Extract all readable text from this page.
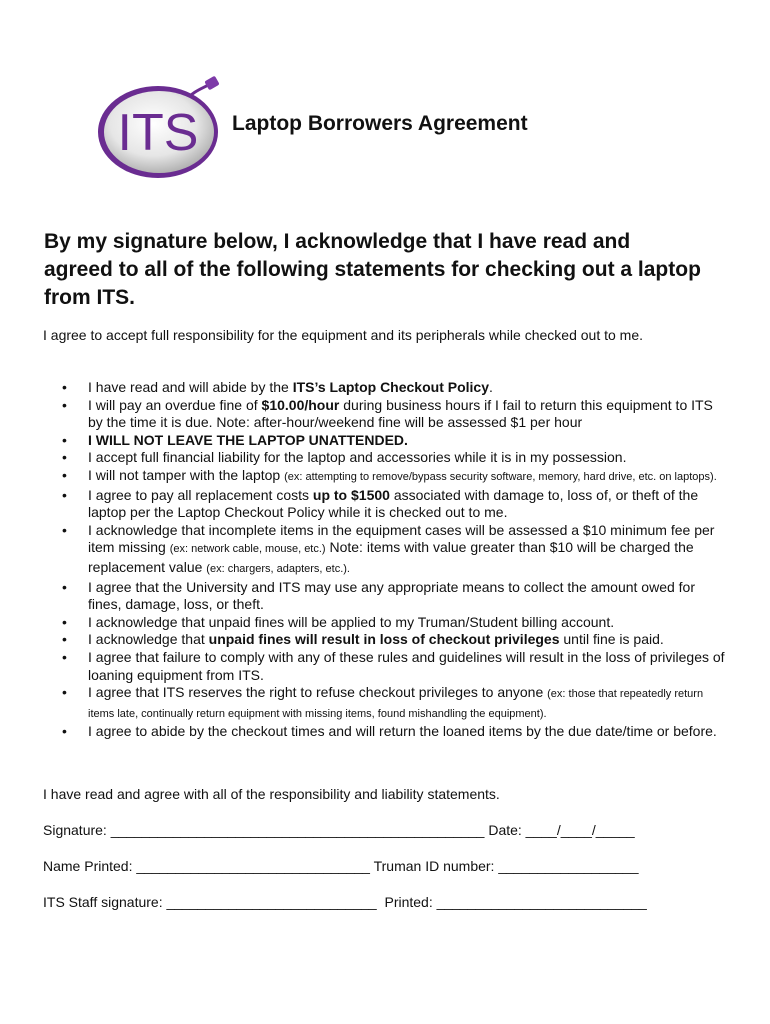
ITS Laptop Borrowers Agreement
By my signature below, I acknowledge that I have read and agreed to all of the following statements for checking out a laptop from ITS.
I agree to accept full responsibility for the equipment and its peripherals while checked out to me.
• I have read and will abide by the ITS’s Laptop Checkout Policy.
• I will pay an overdue fine of $10.00/hour during business hours if I fail to return this equipment to ITS by the time it is due. Note: after-hour/weekend fine will be assessed $1 per hour
• I WILL NOT LEAVE THE LAPTOP UNATTENDED.
• I accept full financial liability for the laptop and accessories while it is in my possession.
• I will not tamper with the laptop (ex: attempting to remove/bypass security software, memory, hard drive, etc. on laptops).
• I agree to pay all replacement costs up to $1500 associated with damage to, loss of, or theft of the laptop per the Laptop Checkout Policy while it is checked out to me.
• I acknowledge that incomplete items in the equipment cases will be assessed a $10 minimum fee per item missing (ex: network cable, mouse, etc.) Note: items with value greater than $10 will be charged the replacement value (ex: chargers, adapters, etc.).
• I agree that the University and ITS may use any appropriate means to collect the amount owed for fines, damage, loss, or theft.
• I acknowledge that unpaid fines will be applied to my Truman/Student billing account.
• I acknowledge that unpaid fines will result in loss of checkout privileges until fine is paid.
• I agree that failure to comply with any of these rules and guidelines will result in the loss of privileges of loaning equipment from ITS.
• I agree that ITS reserves the right to refuse checkout privileges to anyone (ex: those that repeatedly return items late, continually return equipment with missing items, found mishandling the equipment).
• I agree to abide by the checkout times and will return the loaned items by the due date/time or before.
I have read and agree with all of the responsibility and liability statements.
Signature: ________________________________________________ Date: ____/____/_____
Name Printed: ______________________________ Truman ID number: __________________
ITS Staff signature: ___________________________  Printed: ___________________________
